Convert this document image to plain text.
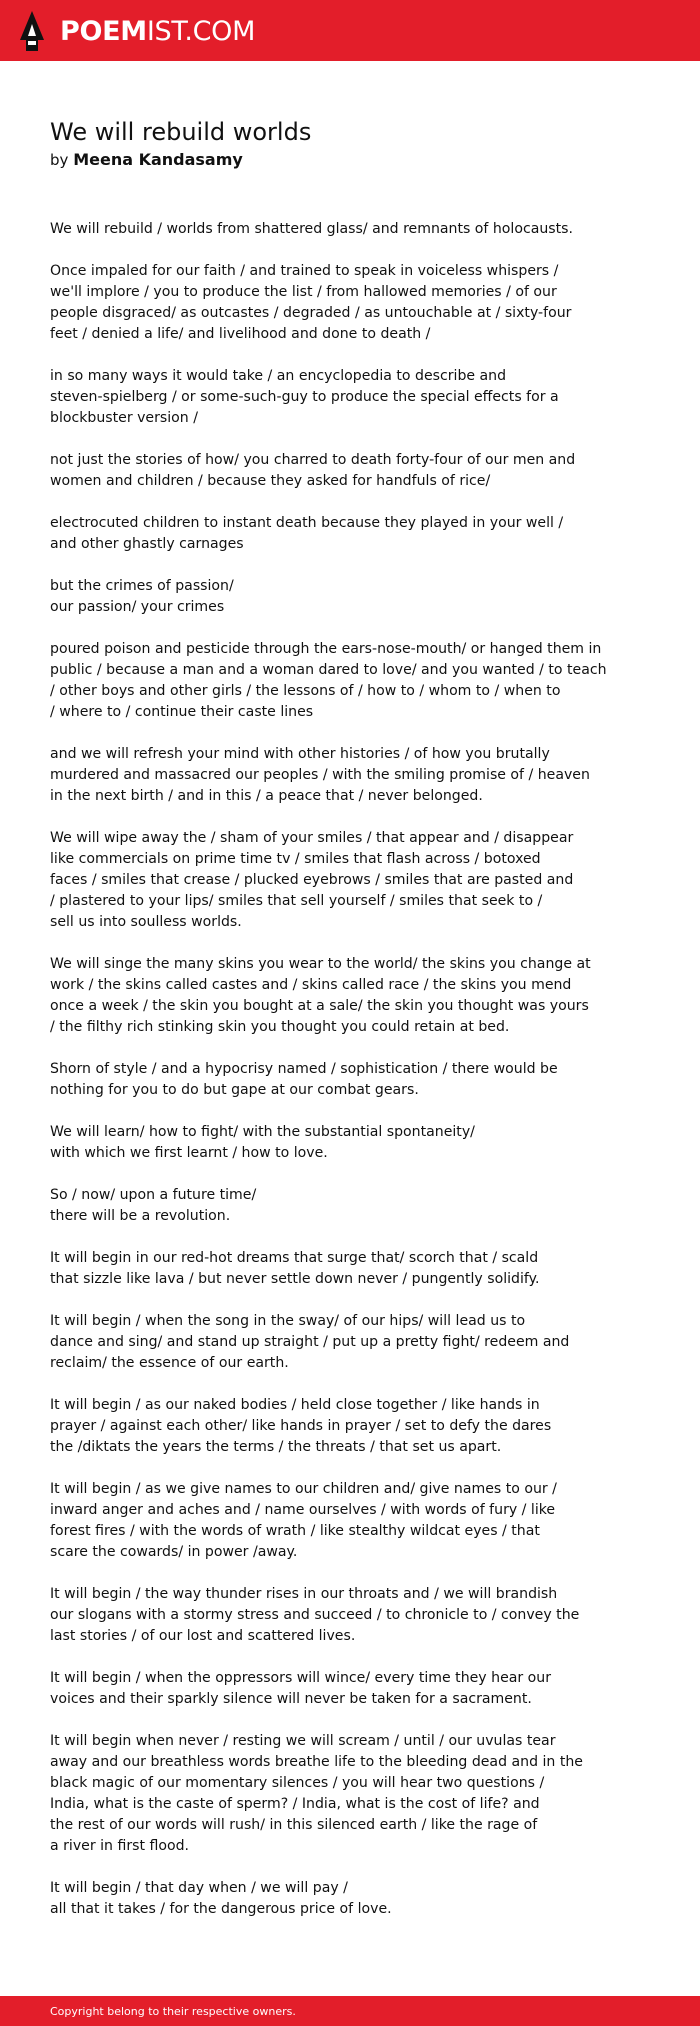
POEMIST.COM
We will rebuild worlds
by Meena Kandasamy

We will rebuild / worlds from shattered glass/ and remnants of holocausts.

Once impaled for our faith / and trained to speak in voiceless whispers /
we'll implore / you to produce the list / from hallowed memories / of our
people disgraced/ as outcastes / degraded / as untouchable at / sixty-four
feet / denied a life/ and livelihood and done to death /

in so many ways it would take / an encyclopedia to describe and
steven-spielberg / or some-such-guy to produce the special effects for a
blockbuster version /

not just the stories of how/ you charred to death forty-four of our men and
women and children / because they asked for handfuls of rice/

electrocuted children to instant death because they played in your well /
and other ghastly carnages

but the crimes of passion/
our passion/ your crimes

poured poison and pesticide through the ears-nose-mouth/ or hanged them in
public / because a man and a woman dared to love/ and you wanted / to teach
/ other boys and other girls / the lessons of / how to / whom to / when to
/ where to / continue their caste lines

and we will refresh your mind with other histories / of how you brutally
murdered and massacred our peoples / with the smiling promise of / heaven
in the next birth / and in this / a peace that / never belonged.

We will wipe away the / sham of your smiles / that appear and / disappear
like commercials on prime time tv / smiles that flash across / botoxed
faces / smiles that crease / plucked eyebrows / smiles that are pasted and
/ plastered to your lips/ smiles that sell yourself / smiles that seek to /
sell us into soulless worlds.

We will singe the many skins you wear to the world/ the skins you change at
work / the skins called castes and / skins called race / the skins you mend
once a week / the skin you bought at a sale/ the skin you thought was yours
/ the filthy rich stinking skin you thought you could retain at bed.

Shorn of style / and a hypocrisy named / sophistication / there would be
nothing for you to do but gape at our combat gears.

We will learn/ how to fight/ with the substantial spontaneity/
with which we first learnt / how to love.

So / now/ upon a future time/
there will be a revolution.

It will begin in our red-hot dreams that surge that/ scorch that / scald
that sizzle like lava / but never settle down never / pungently solidify.

It will begin / when the song in the sway/ of our hips/ will lead us to
dance and sing/ and stand up straight / put up a pretty fight/ redeem and
reclaim/ the essence of our earth.

It will begin / as our naked bodies / held close together / like hands in
prayer / against each other/ like hands in prayer / set to defy the dares
the /diktats the years the terms / the threats / that set us apart.

It will begin / as we give names to our children and/ give names to our /
inward anger and aches and / name ourselves / with words of fury / like
forest fires / with the words of wrath / like stealthy wildcat eyes / that
scare the cowards/ in power /away.

It will begin / the way thunder rises in our throats and / we will brandish
our slogans with a stormy stress and succeed / to chronicle to / convey the
last stories / of our lost and scattered lives.

It will begin / when the oppressors will wince/ every time they hear our
voices and their sparkly silence will never be taken for a sacrament.

It will begin when never / resting we will scream / until / our uvulas tear
away and our breathless words breathe life to the bleeding dead and in the
black magic of our momentary silences / you will hear two questions /
India, what is the caste of sperm? / India, what is the cost of life? and
the rest of our words will rush/ in this silenced earth / like the rage of
a river in first flood.

It will begin / that day when / we will pay /
all that it takes / for the dangerous price of love.

Copyright belong to their respective owners.
